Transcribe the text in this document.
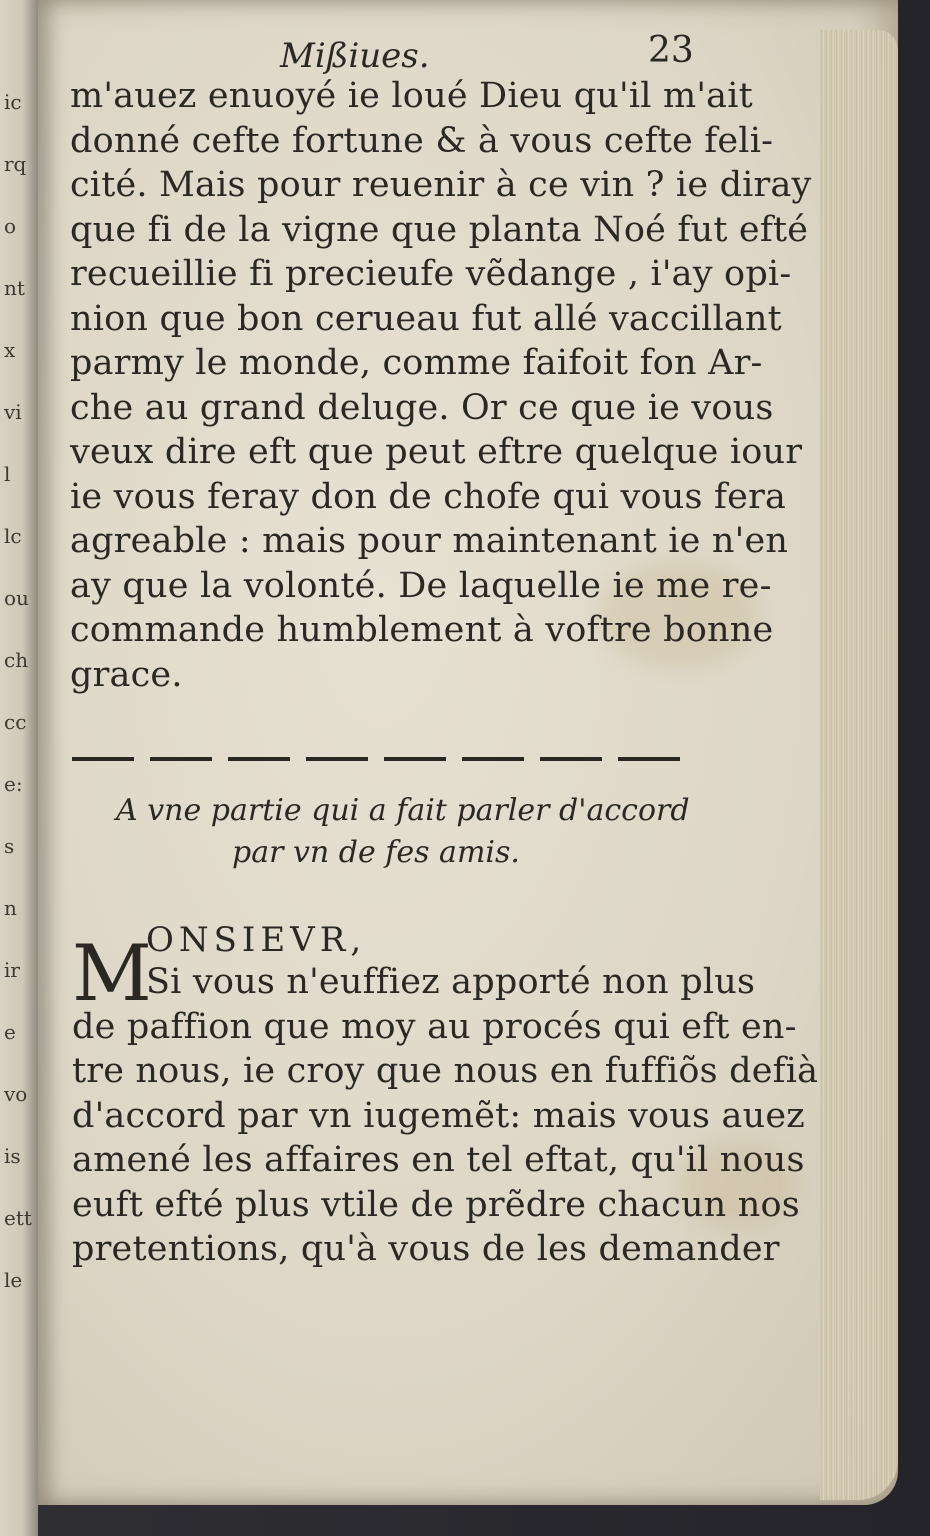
ic
rq
o
nt
x
vi
l
lc
ou
ch
cc
e:
s
n
ir
e
vo
is
ett
le
Mißiues.	23
m'auez enuoyé ie loué Dieu qu'il m'ait
donné cefte fortune & à vous cefte feli-
cité. Mais pour reuenir à ce vin ? ie diray
que fi de la vigne que planta Noé fut efté
recueillie fi precieufe vẽdange , i'ay opi-
nion que bon cerueau fut allé vaccillant
parmy le monde, comme faifoit fon Ar-
che au grand deluge. Or ce que ie vous
veux dire eft que peut eftre quelque iour
ie vous feray don de chofe qui vous fera
agreable : mais pour maintenant ie n'en
ay que la volonté. De laquelle ie me re-
commande humblement à voftre bonne
grace.
A vne partie qui a fait parler d'accord
par vn de fes amis.
M
ONSIEVR,
Si vous n'euffiez apporté non plus
de paffion que moy au procés qui eft en-
tre nous, ie croy que nous en fuffiõs defià
d'accord par vn iugemẽt: mais vous auez
amené les affaires en tel eftat, qu'il nous
euft efté plus vtile de prẽdre chacun nos
pretentions, qu'à vous de les demander
